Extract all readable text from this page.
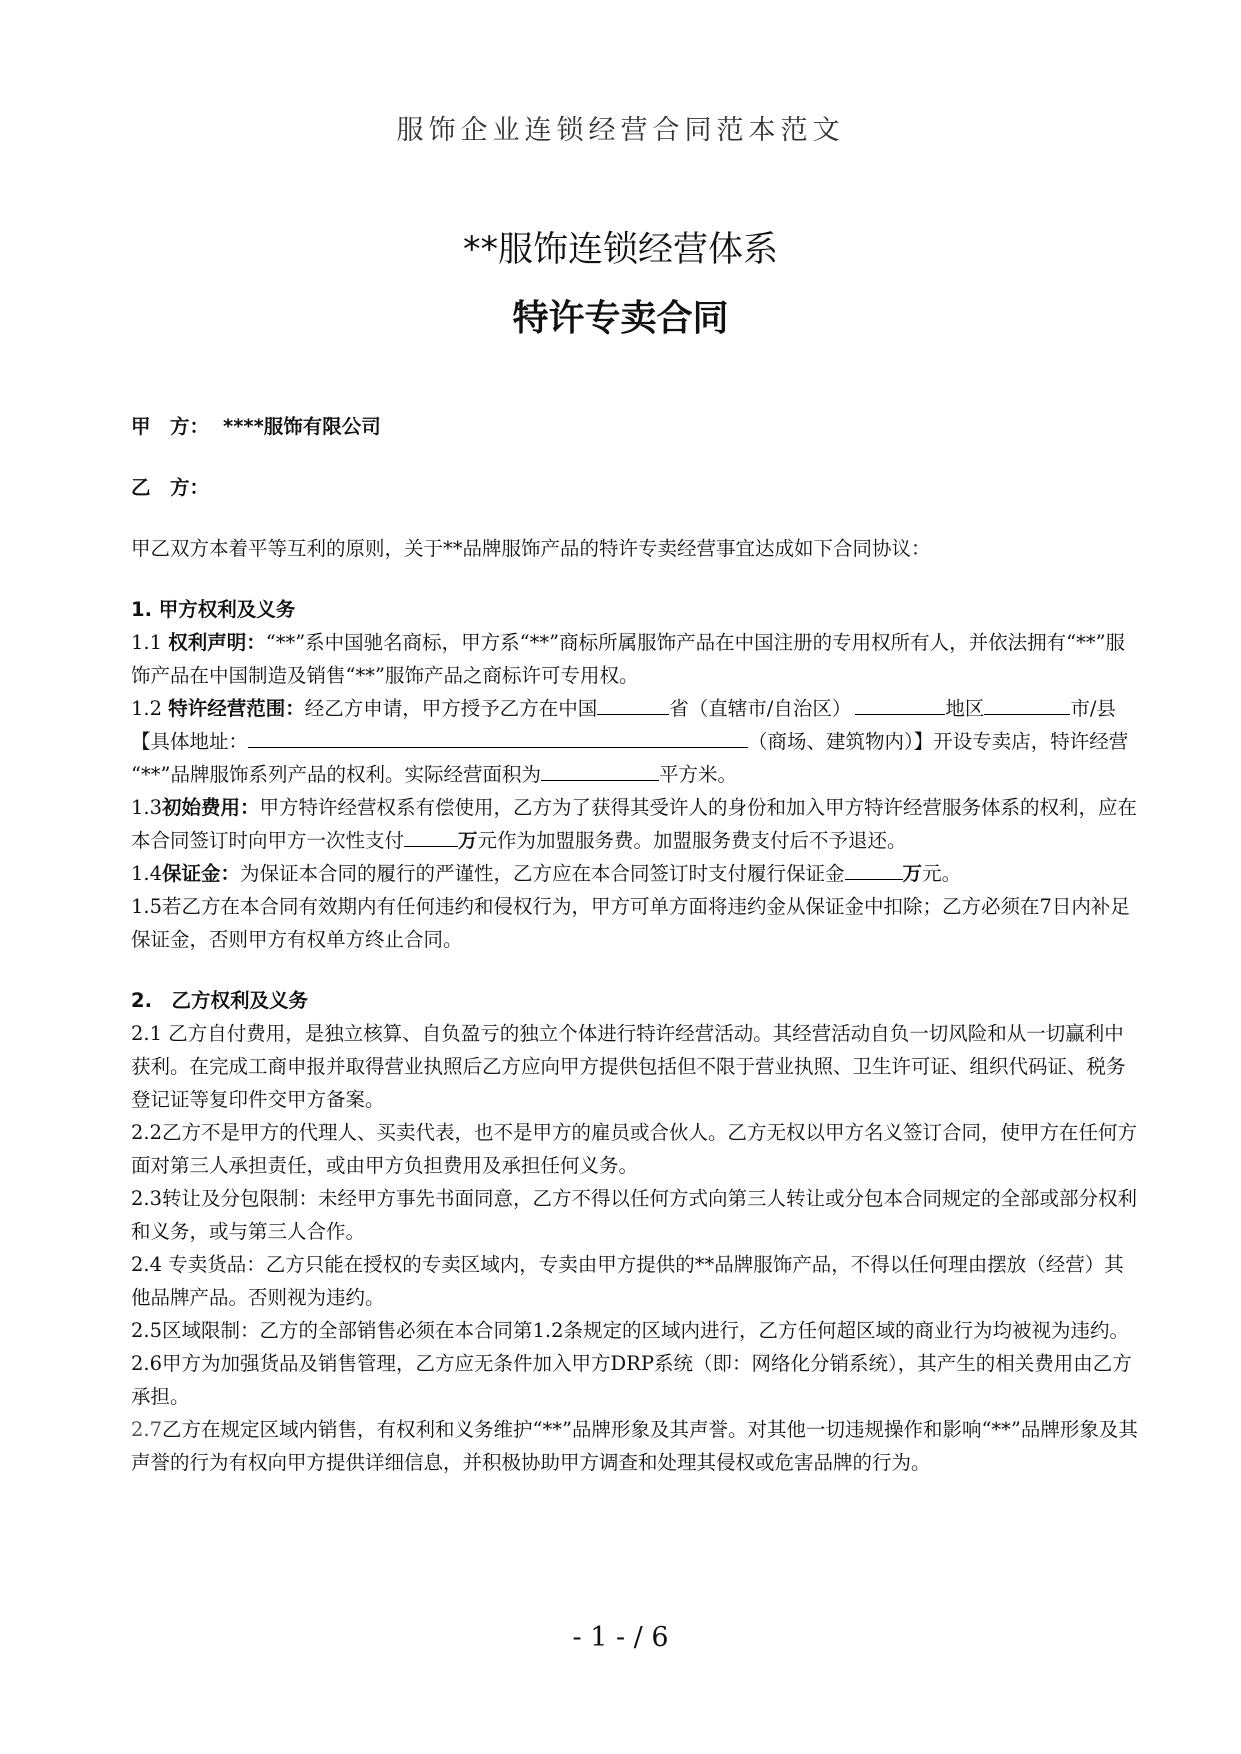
服饰企业连锁经营合同范本范文
**服饰连锁经营体系
特许专卖合同

甲　方： ****服饰有限公司

乙　方：

甲乙双方本着平等互利的原则，关于**品牌服饰产品的特许专卖经营事宜达成如下合同协议：

1. 甲方权利及义务

1.1 权利声明：“**”系中国驰名商标，甲方系“**”商标所属服饰产品在中国注册的专用权所有人，并依法拥有“**”服饰产品在中国制造及销售“**”服饰产品之商标许可专用权。

1.2 特许经营范围：经乙方申请，甲方授予乙方在中国	省（直辖市/自治区）	地区	市/县【具体地址：	（商场、建筑物内）】开设专卖店，特许经营 “**”品牌服饰系列产品的权利。实际经营面积为	平方米。

1.3初始费用：甲方特许经营权系有偿使用，乙方为了获得其受许人的身份和加入甲方特许经营服务体系的权利，应在本合同签订时向甲方一次性支付	万元作为加盟服务费。加盟服务费支付后不予退还。

1.4保证金：为保证本合同的履行的严谨性，乙方应在本合同签订时支付履行保证金	万元。

1.5若乙方在本合同有效期内有任何违约和侵权行为，甲方可单方面将违约金从保证金中扣除；乙方必须在7日内补足保证金，否则甲方有权单方终止合同。

2.　乙方权利及义务

2.1 乙方自付费用，是独立核算、自负盈亏的独立个体进行特许经营活动。其经营活动自负一切风险和从一切赢利中获利。在完成工商申报并取得营业执照后乙方应向甲方提供包括但不限于营业执照、卫生许可证、组织代码证、税务登记证等复印件交甲方备案。

2.2乙方不是甲方的代理人、买卖代表，也不是甲方的雇员或合伙人。乙方无权以甲方名义签订合同，使甲方在任何方面对第三人承担责任，或由甲方负担费用及承担任何义务。

2.3转让及分包限制：未经甲方事先书面同意，乙方不得以任何方式向第三人转让或分包本合同规定的全部或部分权利和义务，或与第三人合作。

2.4 专卖货品：乙方只能在授权的专卖区域内，专卖由甲方提供的**品牌服饰产品，不得以任何理由摆放（经营）其他品牌产品。否则视为违约。

2.5区域限制：乙方的全部销售必须在本合同第1.2条规定的区域内进行，乙方任何超区域的商业行为均被视为违约。

2.6甲方为加强货品及销售管理，乙方应无条件加入甲方DRP系统（即：网络化分销系统），其产生的相关费用由乙方承担。

2.7乙方在规定区域内销售，有权利和义务维护“**”品牌形象及其声誉。对其他一切违规操作和影响“**”品牌形象及其声誉的行为有权向甲方提供详细信息，并积极协助甲方调查和处理其侵权或危害品牌的行为。

- 1 - / 6
